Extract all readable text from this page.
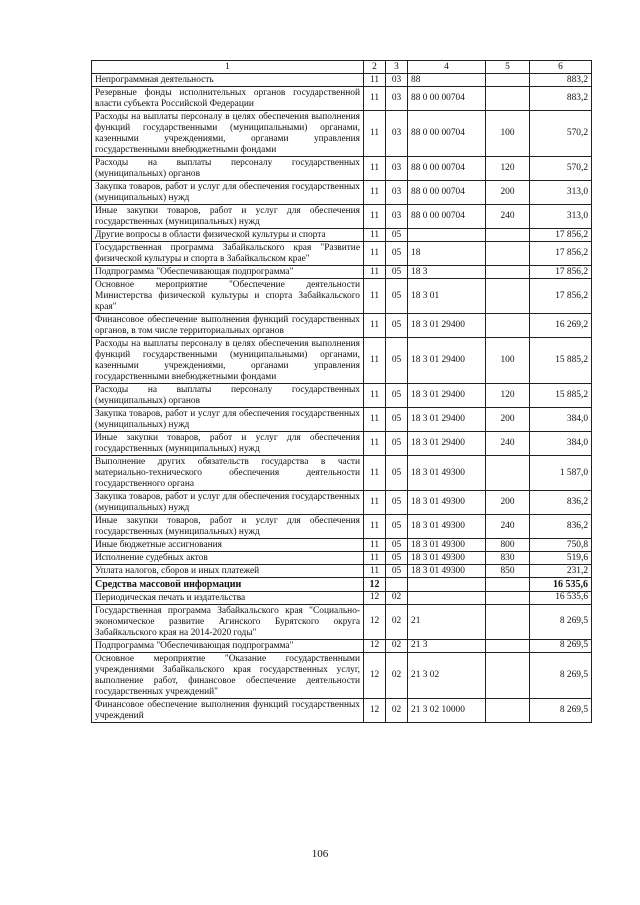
1	2	3	4	5	6
Непрограммная деятельность	11	03	88		883,2
Резервные фонды исполнительных органов государственной власти субъекта Российской Федерации	11	03	88 0 00 00704		883,2
Расходы на выплаты персоналу в целях обеспечения выполнения функций государственными (муниципальными) органами, казенными учреждениями, органами управления государственными внебюджетными фондами	11	03	88 0 00 00704	100	570,2
Расходы на выплаты персоналу государственных (муниципальных) органов	11	03	88 0 00 00704	120	570,2
Закупка товаров, работ и услуг для обеспечения государственных (муниципальных) нужд	11	03	88 0 00 00704	200	313,0
Иные закупки товаров, работ и услуг для обеспечения государственных (муниципальных) нужд	11	03	88 0 00 00704	240	313,0
Другие вопросы в области физической культуры и спорта	11	05			17 856,2
Государственная программа Забайкальского края "Развитие физической культуры и спорта в Забайкальском крае"	11	05	18		17 856,2
Подпрограмма "Обеспечивающая подпрограмма"	11	05	18 3		17 856,2
Основное мероприятие "Обеспечение деятельности Министерства физической культуры и спорта Забайкальского края"	11	05	18 3 01		17 856,2
Финансовое обеспечение выполнения функций государственных органов, в том числе территориальных органов	11	05	18 3 01 29400		16 269,2
Расходы на выплаты персоналу в целях обеспечения выполнения функций государственными (муниципальными) органами, казенными учреждениями, органами управления государственными внебюджетными фондами	11	05	18 3 01 29400	100	15 885,2
Расходы на выплаты персоналу государственных (муниципальных) органов	11	05	18 3 01 29400	120	15 885,2
Закупка товаров, работ и услуг для обеспечения государственных (муниципальных) нужд	11	05	18 3 01 29400	200	384,0
Иные закупки товаров, работ и услуг для обеспечения государственных (муниципальных) нужд	11	05	18 3 01 29400	240	384,0
Выполнение других обязательств государства в части материально-технического обеспечения деятельности государственного органа	11	05	18 3 01 49300		1 587,0
Закупка товаров, работ и услуг для обеспечения государственных (муниципальных) нужд	11	05	18 3 01 49300	200	836,2
Иные закупки товаров, работ и услуг для обеспечения государственных (муниципальных) нужд	11	05	18 3 01 49300	240	836,2
Иные бюджетные ассигнования	11	05	18 3 01 49300	800	750,8
Исполнение судебных актов	11	05	18 3 01 49300	830	519,6
Уплата налогов, сборов и иных платежей	11	05	18 3 01 49300	850	231,2
Средства массовой информации	12				16 535,6
Периодическая печать и издательства	12	02			16 535,6
Государственная программа Забайкальского края "Социально-экономическое развитие Агинского Бурятского округа Забайкальского края на 2014-2020 годы"	12	02	21		8 269,5
Подпрограмма "Обеспечивающая подпрограмма"	12	02	21 3		8 269,5
Основное мероприятие "Оказание государственными учреждениями Забайкальского края государственных услуг, выполнение работ, финансовое обеспечение деятельности государственных учреждений"	12	02	21 3 02		8 269,5
Финансовое обеспечение выполнения функций государственных учреждений	12	02	21 3 02 10000		8 269,5
106
